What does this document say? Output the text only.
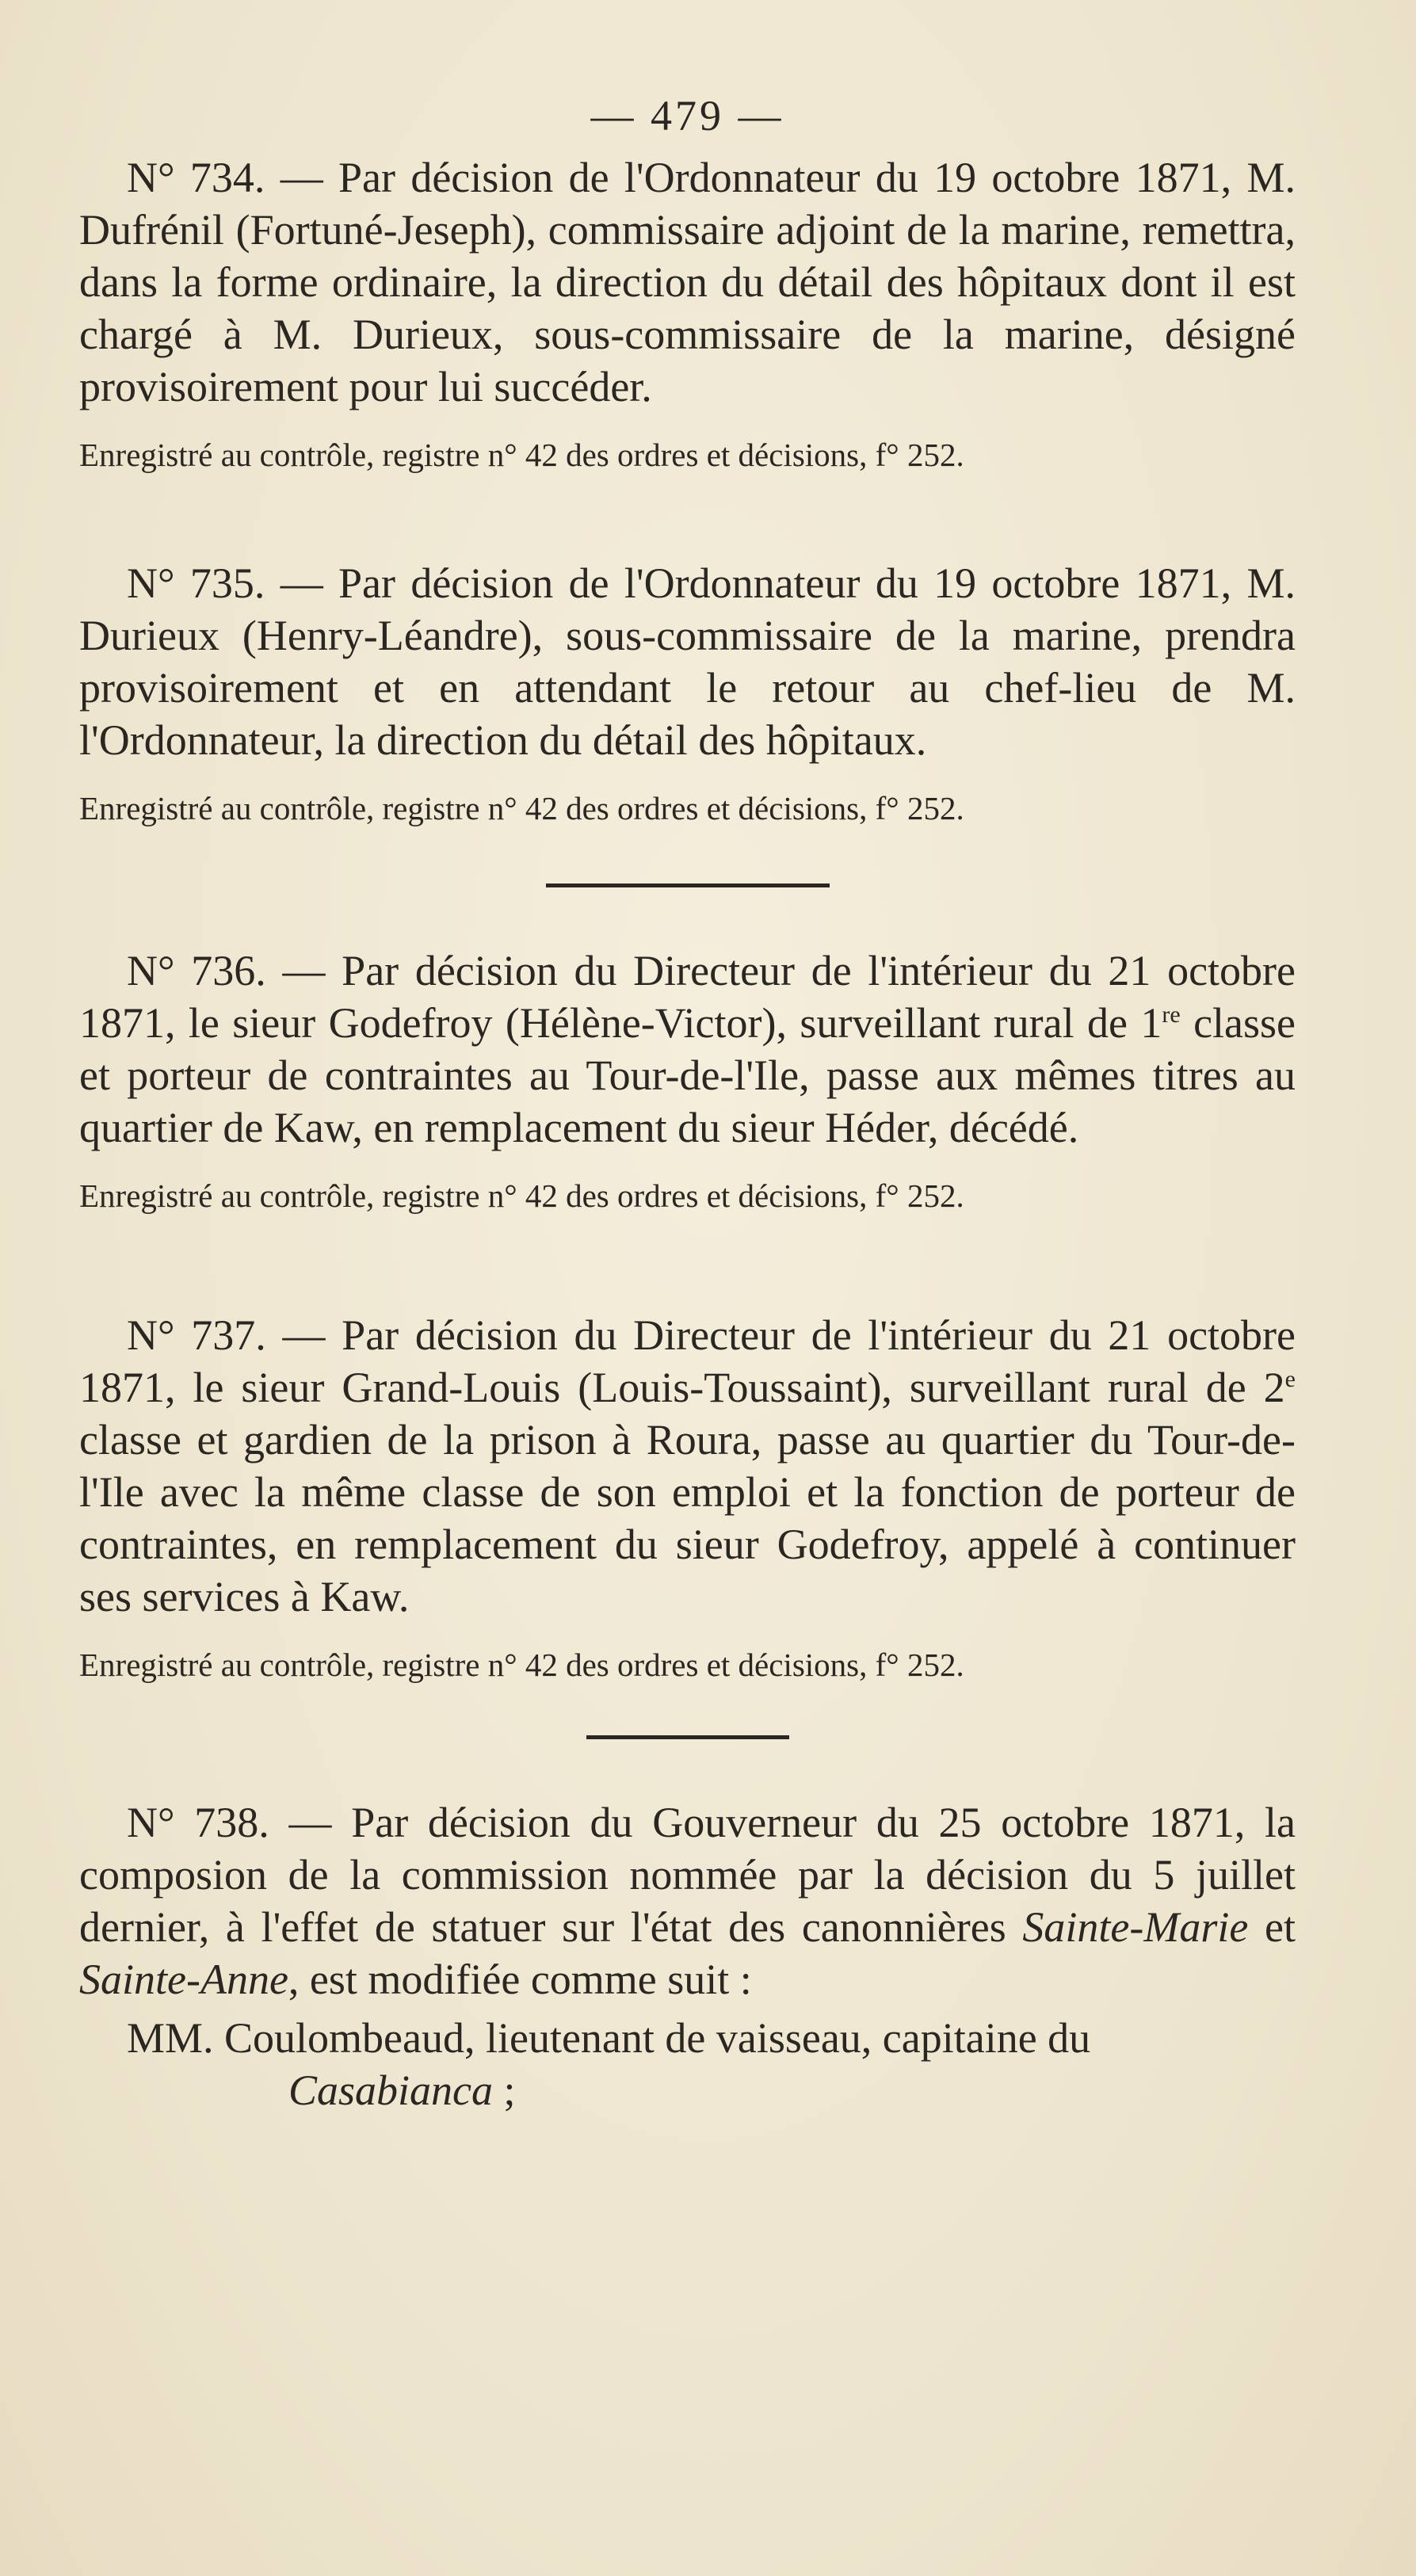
— 479 —

N° 734. — Par décision de l'Ordonnateur du 19 octobre 1871, M. Dufrénil (Fortuné-Jeseph), commissaire adjoint de la marine, remettra, dans la forme ordinaire, la direction du détail des hôpitaux dont il est chargé à M. Durieux, sous-commissaire de la marine, désigné provisoirement pour lui succéder.

Enregistré au contrôle, registre n° 42 des ordres et décisions, f° 252.

N° 735. — Par décision de l'Ordonnateur du 19 octobre 1871, M. Durieux (Henry-Léandre), sous-commissaire de la marine, prendra provisoirement et en attendant le retour au chef-lieu de M. l'Ordonnateur, la direction du détail des hôpitaux.

Enregistré au contrôle, registre n° 42 des ordres et décisions, f° 252.

N° 736. — Par décision du Directeur de l'intérieur du 21 octobre 1871, le sieur Godefroy (Hélène-Victor), surveillant rural de 1re classe et porteur de contraintes au Tour-de-l'Ile, passe aux mêmes titres au quartier de Kaw, en remplacement du sieur Héder, décédé.

Enregistré au contrôle, registre n° 42 des ordres et décisions, f° 252.

N° 737. — Par décision du Directeur de l'intérieur du 21 octobre 1871, le sieur Grand-Louis (Louis-Toussaint), surveillant rural de 2e classe et gardien de la prison à Roura, passe au quartier du Tour-de-l'Ile avec la même classe de son emploi et la fonction de porteur de contraintes, en remplacement du sieur Godefroy, appelé à continuer ses services à Kaw.

Enregistré au contrôle, registre n° 42 des ordres et décisions, f° 252.

N° 738. — Par décision du Gouverneur du 25 octobre 1871, la composion de la commission nommée par la décision du 5 juillet dernier, à l'effet de statuer sur l'état des canonnières Sainte-Marie et Sainte-Anne, est modifiée comme suit :

MM. Coulombeaud, lieutenant de vaisseau, capitaine du Casabianca ;
